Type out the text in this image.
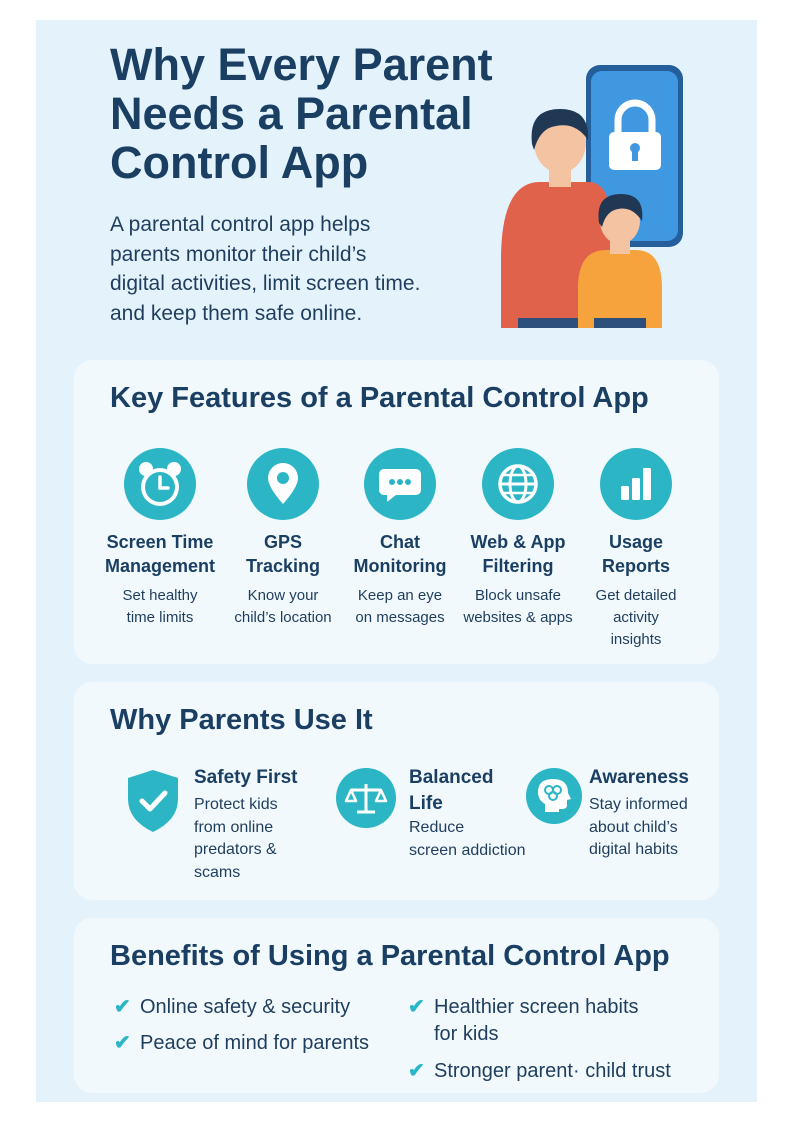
Why Every Parent
Needs a Parental
Control App

A parental control app helps
parents monitor their child’s
digital activities, limit screen time.
and keep them safe online.

Key Features of a Parental Control App
Screen Time
Management
Set healthy
time limits
GPS
Tracking
Know your
child’s location
Chat
Monitoring
Keep an eye
on messages
Web & App
Filtering
Block unsafe
websites & apps
Usage
Reports
Get detailed
activity
insights
Why Parents Use It
Safety First
Protect kids
from online
predators & scams
Balanced
Life
Reduce
screen addiction
Awareness
Stay informed
about child’s
digital habits
Benefits of Using a Parental Control App
✔ Online safety & security
✔ Peace of mind for parents
✔ Healthier screen habits
for kids
✔ Stronger parent· child trust
